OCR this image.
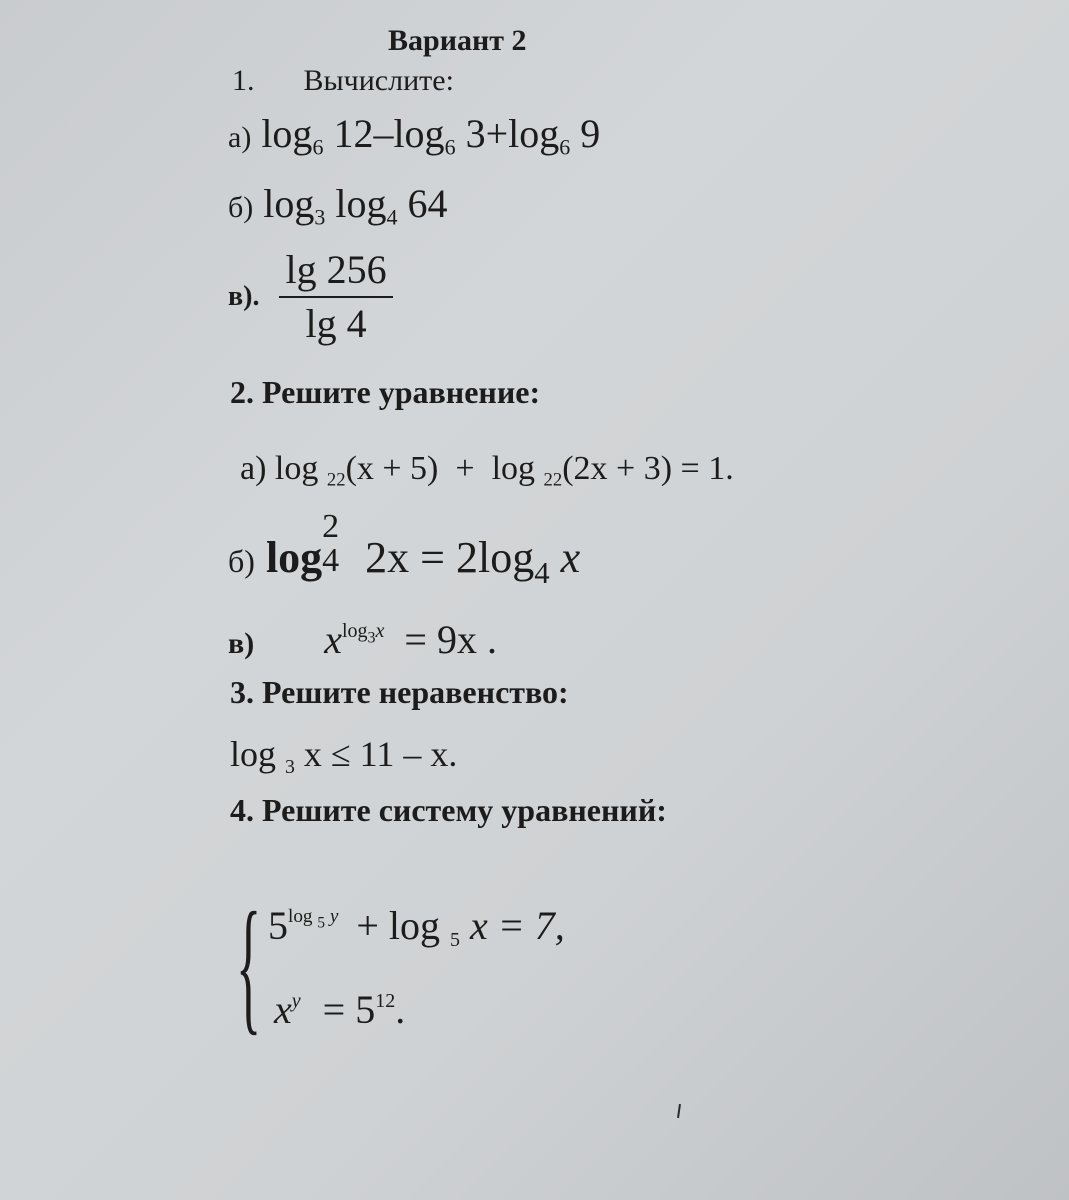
Вариант 2
1. Вычислите:
а) $\log_6 12-\log_6$ $3+\log_6$ 9
б) $\log_3 \log_4 64$
в). $\frac{\lg 256}{\lg 4}$
2. Решите уравнение:
а) log $_{22}$(x + 5) + log $_{22}$(2x + 3) = 1.
б) log
2
4 $2x = 2\log_4$ x
в) $x^{log_3x} = 9x$ .
3. Решите неравенство:
log $_3$ x ≤ 11 – x.
4. Решите систему уравнений:
{ $5^{log _5 y} + \log _5$ x = 7,
$x^y = 5^{12}$.
